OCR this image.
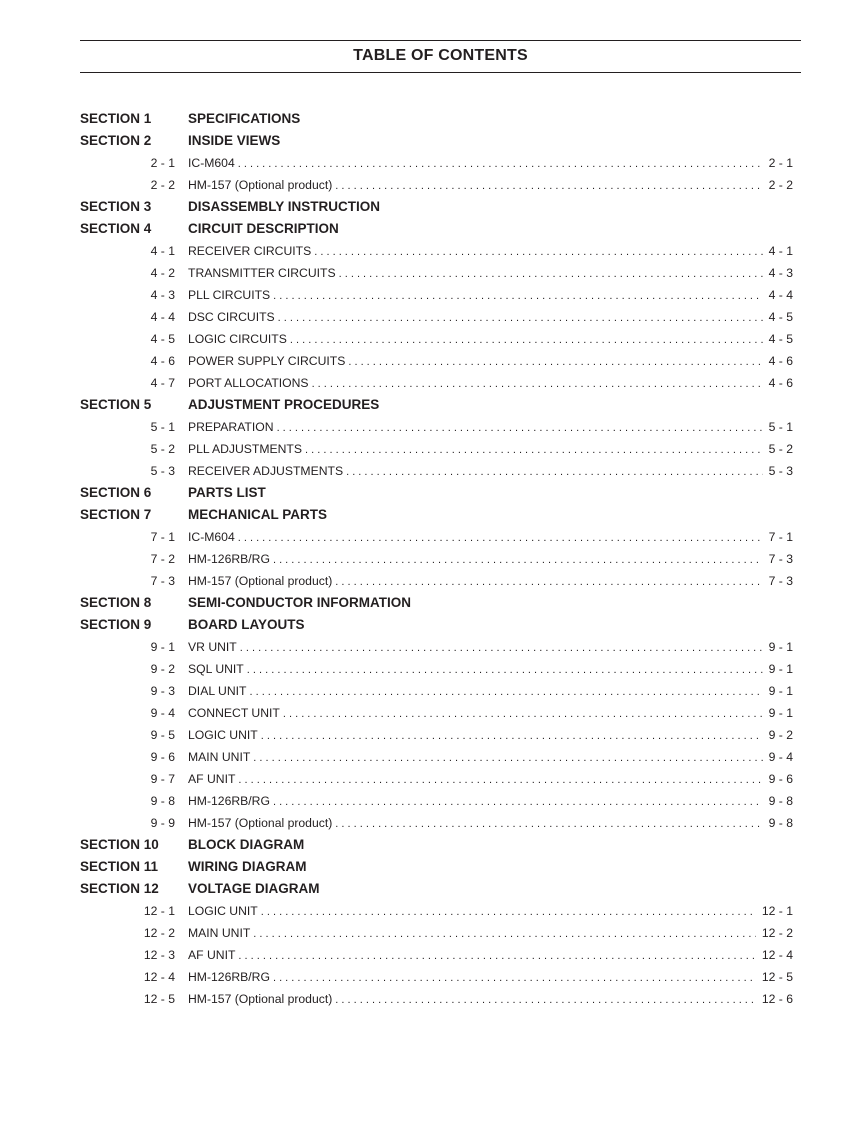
TABLE OF CONTENTS
SECTION 1	SPECIFICATIONS
SECTION 2	INSIDE VIEWS
2 - 1 IC-M604 . . .	2 - 1
2 - 2 HM-157 (Optional product) . . .	2 - 2
SECTION 3	DISASSEMBLY INSTRUCTION
SECTION 4	CIRCUIT DESCRIPTION
4 - 1 RECEIVER CIRCUITS . . .	4 - 1
4 - 2 TRANSMITTER CIRCUITS . . .	4 - 3
4 - 3 PLL CIRCUITS . . .	4 - 4
4 - 4 DSC CIRCUITS . . .	4 - 5
4 - 5 LOGIC CIRCUITS . . .	4 - 5
4 - 6 POWER SUPPLY CIRCUITS . . .	4 - 6
4 - 7 PORT ALLOCATIONS . . .	4 - 6
SECTION 5	ADJUSTMENT PROCEDURES
5 - 1 PREPARATION . . .	5 - 1
5 - 2 PLL ADJUSTMENTS . . .	5 - 2
5 - 3 RECEIVER ADJUSTMENTS . . .	5 - 3
SECTION 6	PARTS LIST
SECTION 7	MECHANICAL PARTS
7 - 1 IC-M604 . . .	7 - 1
7 - 2 HM-126RB/RG . . .	7 - 3
7 - 3 HM-157 (Optional product) . . .	7 - 3
SECTION 8	SEMI-CONDUCTOR INFORMATION
SECTION 9	BOARD LAYOUTS
9 - 1 VR UNIT . . .	9 - 1
9 - 2 SQL UNIT . . .	9 - 1
9 - 3 DIAL UNIT . . .	9 - 1
9 - 4 CONNECT UNIT . . .	9 - 1
9 - 5 LOGIC UNIT . . .	9 - 2
9 - 6 MAIN UNIT . . .	9 - 4
9 - 7 AF UNIT . . .	9 - 6
9 - 8 HM-126RB/RG . . .	9 - 8
9 - 9 HM-157 (Optional product) . . .	9 - 8
SECTION 10 BLOCK DIAGRAM
SECTION 11 WIRING DIAGRAM
SECTION 12 VOLTAGE DIAGRAM
12 - 1 LOGIC UNIT . . .	12 - 1
12 - 2 MAIN UNIT . . .	12 - 2
12 - 3 AF UNIT . . .	12 - 4
12 - 4 HM-126RB/RG . . .	12 - 5
12 - 5 HM-157 (Optional product) . . .	12 - 6
